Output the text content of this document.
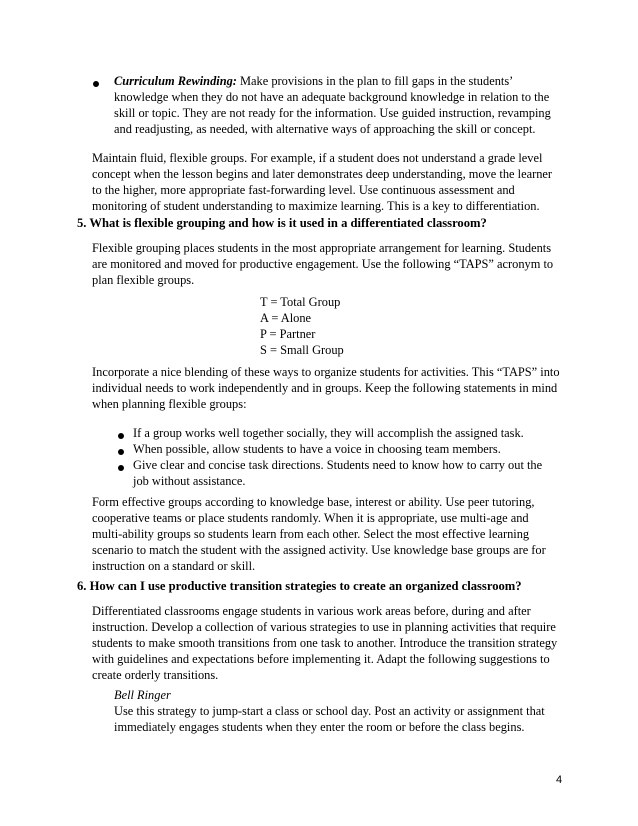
Curriculum Rewinding: Make provisions in the plan to fill gaps in the students’ knowledge when they do not have an adequate background knowledge in relation to the skill or topic. They are not ready for the information. Use guided instruction, revamping and readjusting, as needed, with alternative ways of approaching the skill or concept.

Maintain fluid, flexible groups. For example, if a student does not understand a grade level concept when the lesson begins and later demonstrates deep understanding, move the learner to the higher, more appropriate fast-forwarding level. Use continuous assessment and monitoring of student understanding to maximize learning. This is a key to differentiation.

5. What is flexible grouping and how is it used in a differentiated classroom?

Flexible grouping places students in the most appropriate arrangement for learning. Students are monitored and moved for productive engagement. Use the following “TAPS” acronym to plan flexible groups.

T = Total Group
A = Alone
P = Partner
S = Small Group

Incorporate a nice blending of these ways to organize students for activities. This “TAPS” into individual needs to work independently and in groups. Keep the following statements in mind when planning flexible groups:

If a group works well together socially, they will accomplish the assigned task.

When possible, allow students to have a voice in choosing team members.

Give clear and concise task directions. Students need to know how to carry out the job without assistance.

Form effective groups according to knowledge base, interest or ability. Use peer tutoring, cooperative teams or place students randomly. When it is appropriate, use multi-age and multi-ability groups so students learn from each other. Select the most effective learning scenario to match the student with the assigned activity. Use knowledge base groups are for instruction on a standard or skill.

6. How can I use productive transition strategies to create an organized classroom?

Differentiated classrooms engage students in various work areas before, during and after instruction. Develop a collection of various strategies to use in planning activities that require students to make smooth transitions from one task to another. Introduce the transition strategy with guidelines and expectations before implementing it. Adapt the following suggestions to create orderly transitions.

Bell Ringer

Use this strategy to jump-start a class or school day. Post an activity or assignment that immediately engages students when they enter the room or before the class begins.

4
